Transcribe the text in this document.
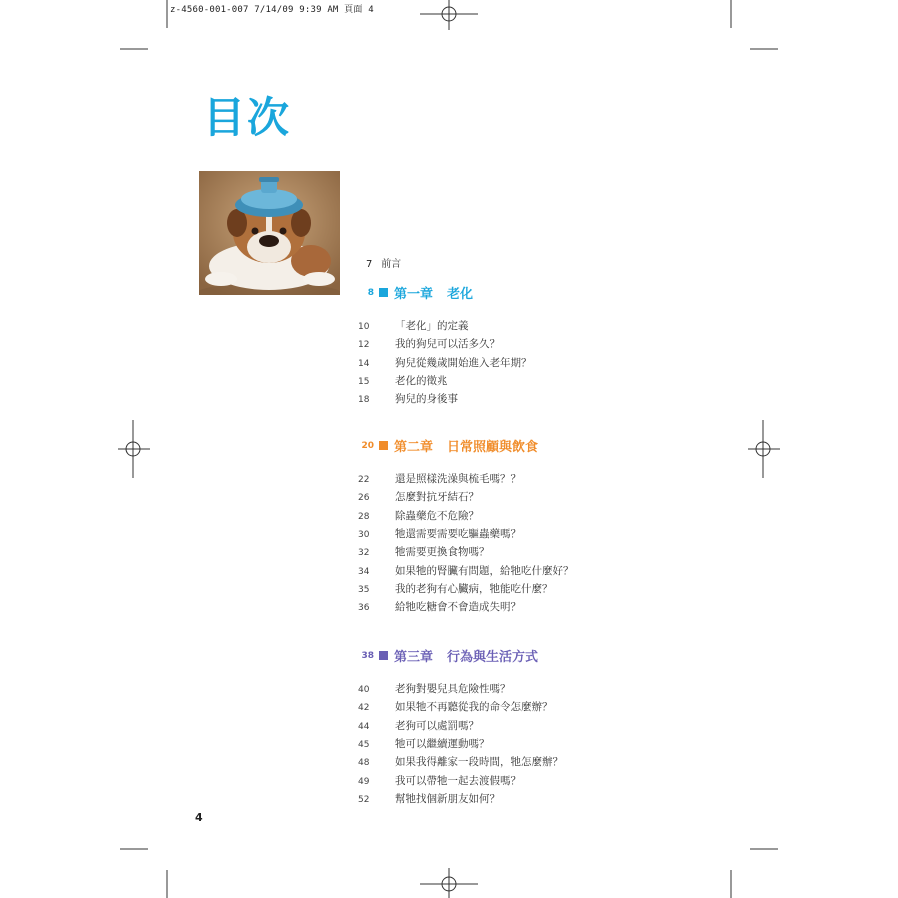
z-4560-001-007 7/14/09 9:39 AM 頁面 4
目次
7 前言
8 第一章 老化
10 「老化」的定義
12 我的狗兒可以活多久？
14 狗兒從幾歲開始進入老年期？
15 老化的徵兆
18 狗兒的身後事
20 第二章 日常照顧與飲食
22 還是照樣洗澡與梳毛嗎？？
26 怎麼對抗牙結石？
28 除蟲藥危不危險？
30 牠還需要需要吃驅蟲藥嗎？
32 牠需要更換食物嗎？
34 如果牠的腎臟有問題，給牠吃什麼好？
35 我的老狗有心臟病，牠能吃什麼？
36 給牠吃糖會不會造成失明？
38 第三章 行為與生活方式
40 老狗對嬰兒具危險性嗎？
42 如果牠不再聽從我的命令怎麼辦？
44 老狗可以處罰嗎？
45 牠可以繼續運動嗎？
48 如果我得離家一段時間，牠怎麼辦？
49 我可以帶牠一起去渡假嗎？
52 幫牠找個新朋友如何？
4
